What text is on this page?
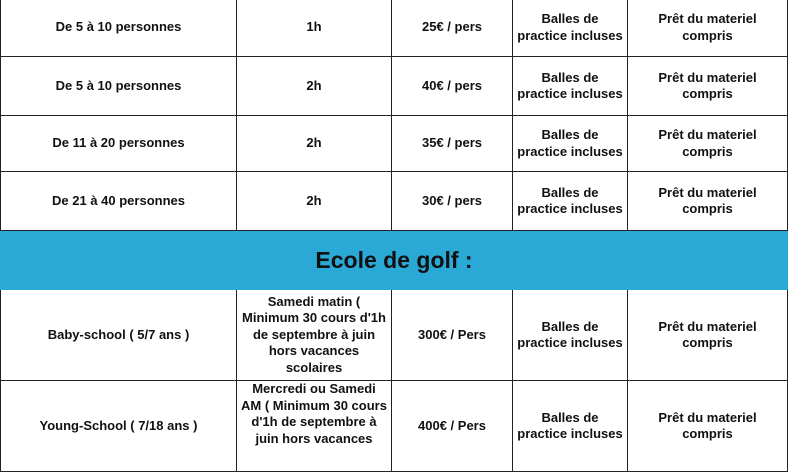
De 5 à 10 personnes	1h	25€ / pers	Balles de practice incluses	Prêt du materiel compris
De 5 à 10 personnes	2h	40€ / pers	Balles de practice incluses	Prêt du materiel compris
De 11 à 20 personnes	2h	35€ / pers	Balles de practice incluses	Prêt du materiel compris
De 21 à 40 personnes	2h	30€ / pers	Balles de practice incluses	Prêt du materiel compris
Ecole de golf :				
Baby-school ( 5/7 ans )	Samedi matin ( Minimum 30 cours d'1h de septembre à juin hors vacances scolaires	300€ / Pers	Balles de practice incluses	Prêt du materiel compris
Young-School ( 7/18 ans )	Mercredi ou Samedi AM ( Minimum 30 cours d'1h de septembre à juin hors vacances	400€ / Pers	Balles de practice incluses	Prêt du materiel compris
